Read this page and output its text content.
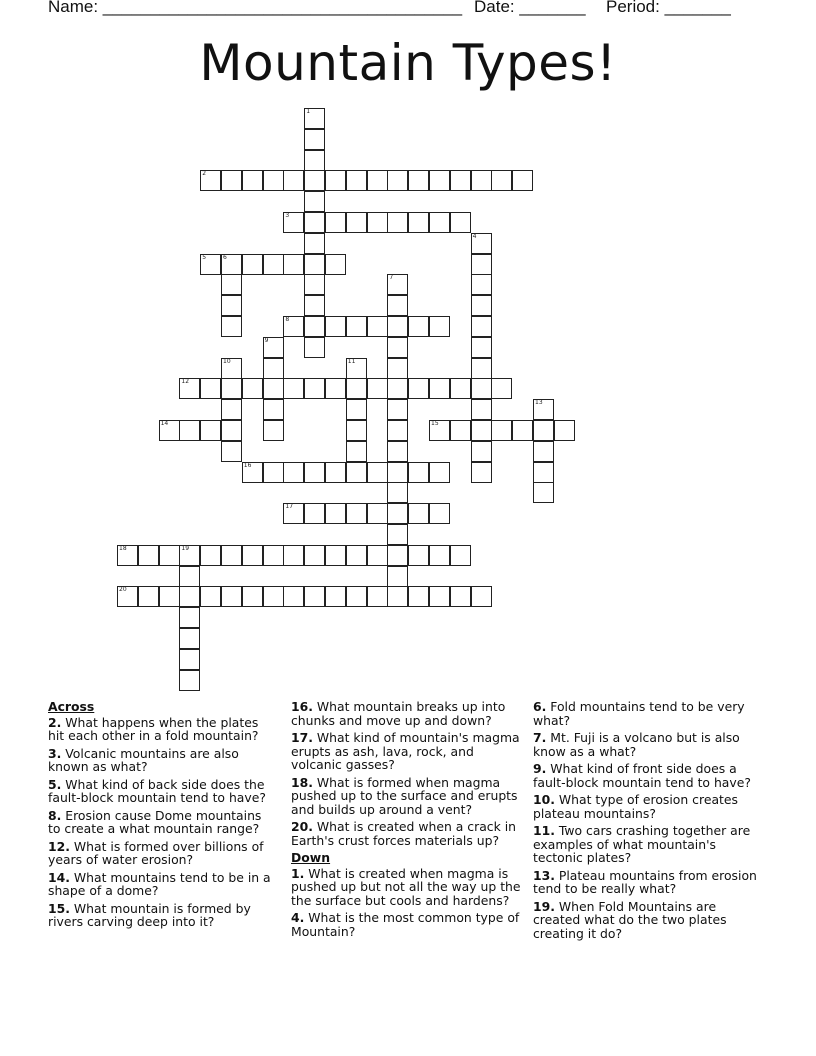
Name: ______________________________________ Date: _______ Period: _______
Mountain Types!
2
3
5	6
8
12
14	15
16
17
18	19
20
1
4
7
9
10	11
13
Across

2. What happens when the plates hit each other in a fold mountain?

3. Volcanic mountains are also known as what?

5. What kind of back side does the fault-block mountain tend to have?

8. Erosion cause Dome mountains to create a what mountain range?

12. What is formed over billions of years of water erosion?

14. What mountains tend to be in a shape of a dome?

15. What mountain is formed by rivers carving deep into it?

16. What mountain breaks up into chunks and move up and down?

17. What kind of mountain's magma erupts as ash, lava, rock, and volcanic gasses?

18. What is formed when magma pushed up to the surface and erupts and builds up around a vent?

20. What is created when a crack in Earth's crust forces materials up?

Down

1. What is created when magma is pushed up but not all the way up the the surface but cools and hardens?

4. What is the most common type of Mountain?

6. Fold mountains tend to be very what?

7. Mt. Fuji is a volcano but is also know as a what?

9. What kind of front side does a fault-block mountain tend to have?

10. What type of erosion creates plateau mountains?

11. Two cars crashing together are examples of what mountain's tectonic plates?

13. Plateau mountains from erosion tend to be really what?

19. When Fold Mountains are created what do the two plates creating it do?
